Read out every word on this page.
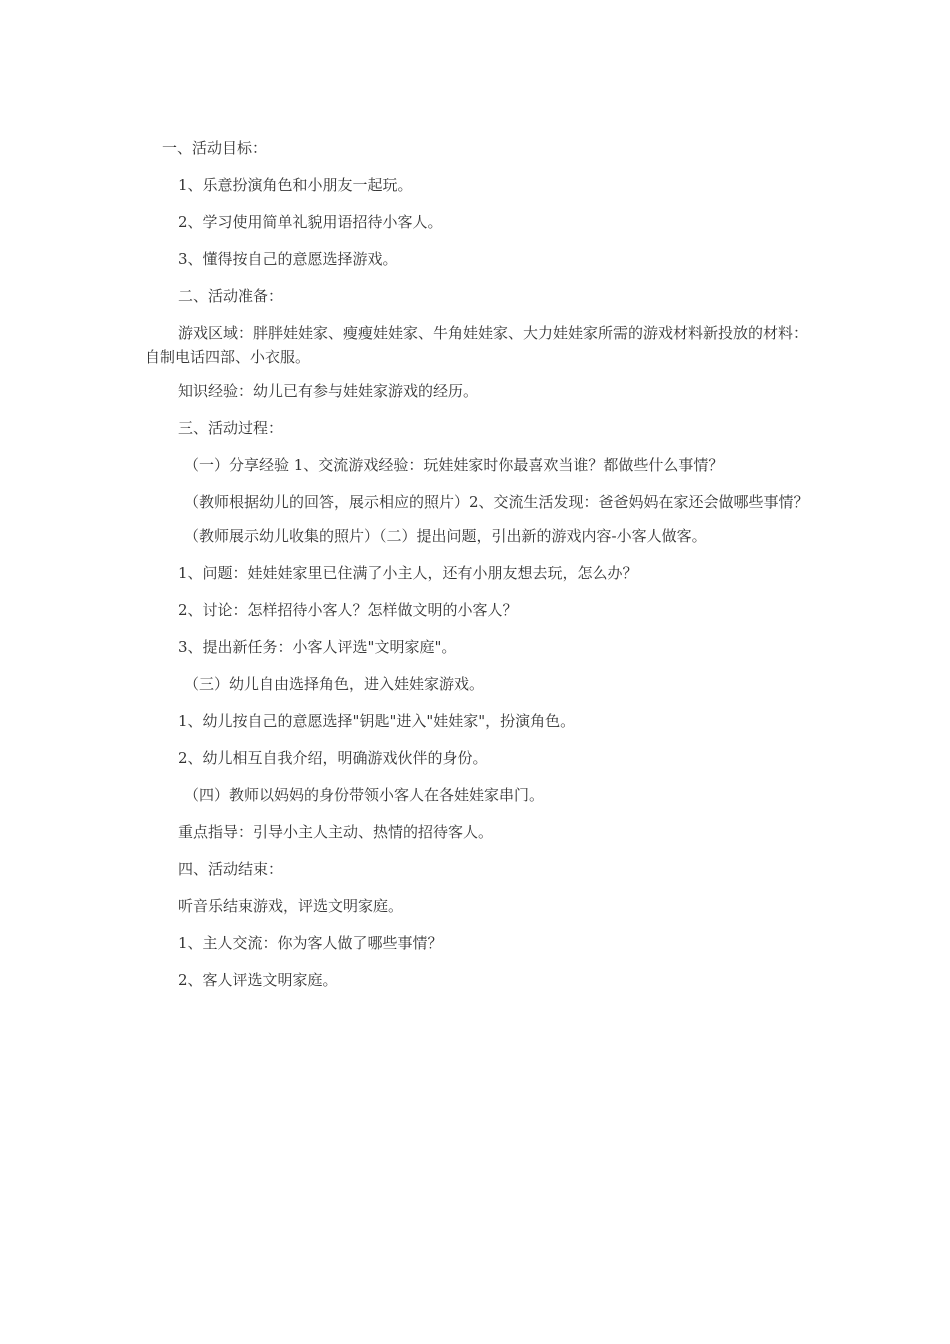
一、活动目标：

1、乐意扮演角色和小朋友一起玩。

2、学习使用简单礼貌用语招待小客人。

3、懂得按自己的意愿选择游戏。

二、活动准备：

游戏区域：胖胖娃娃家、瘦瘦娃娃家、牛角娃娃家、大力娃娃家所需的游戏材料新投放的材料：自制电话四部、小衣服。

知识经验：幼儿已有参与娃娃家游戏的经历。

三、活动过程：

（一）分享经验 1、交流游戏经验：玩娃娃家时你最喜欢当谁？都做些什么事情？

（教师根据幼儿的回答，展示相应的照片）2、交流生活发现：爸爸妈妈在家还会做哪些事情？

（教师展示幼儿收集的照片）（二）提出问题，引出新的游戏内容-小客人做客。

1、问题：娃娃娃家里已住满了小主人，还有小朋友想去玩，怎么办？

2、讨论：怎样招待小客人？怎样做文明的小客人？

3、提出新任务：小客人评选"文明家庭"。

（三）幼儿自由选择角色，进入娃娃家游戏。

1、幼儿按自己的意愿选择"钥匙"进入"娃娃家"，扮演角色。

2、幼儿相互自我介绍，明确游戏伙伴的身份。

（四）教师以妈妈的身份带领小客人在各娃娃家串门。

重点指导：引导小主人主动、热情的招待客人。

四、活动结束：

听音乐结束游戏，评选文明家庭。

1、主人交流：你为客人做了哪些事情？

2、客人评选文明家庭。
